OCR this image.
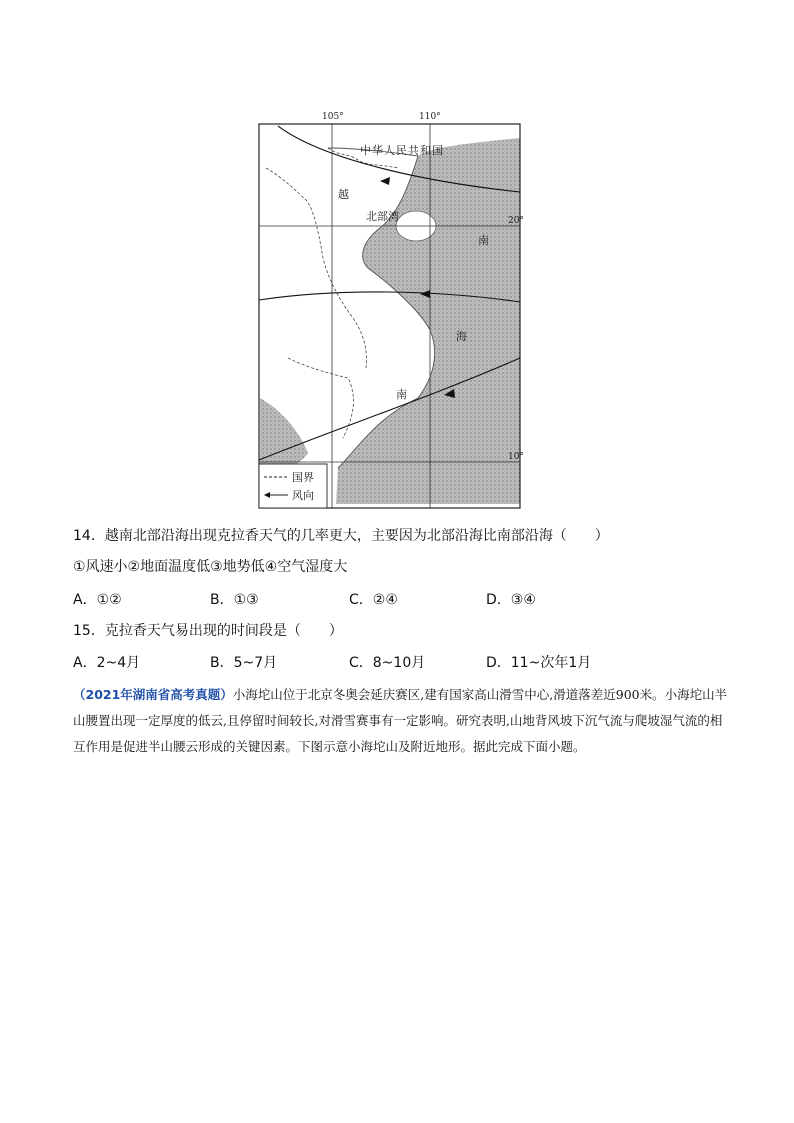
105°	110°
20°
10°
中华人民共和国
越
北部湾
南
海
南
国界
风向
14．越南北部沿海出现克拉香天气的几率更大，主要因为北部沿海比南部沿海（　　）
①风速小②地面温度低③地势低④空气湿度大
A．①②	B．①③	C．②④	D．③④
15．克拉香天气易出现的时间段是（　　）
A．2~4月	B．5~7月	C．8~10月	D．11~次年1月
（2021年湖南省高考真题）小海坨山位于北京冬奥会延庆赛区,建有国家高山滑雪中心,滑道落差近900米。小海坨山半山腰置出现一定厚度的低云,且停留时间较长,对滑雪赛事有一定影响。研究表明,山地背风坡下沉气流与爬坡湿气流的相互作用是促进半山腰云形成的关键因素。下图示意小海坨山及附近地形。据此完成下面小题。
